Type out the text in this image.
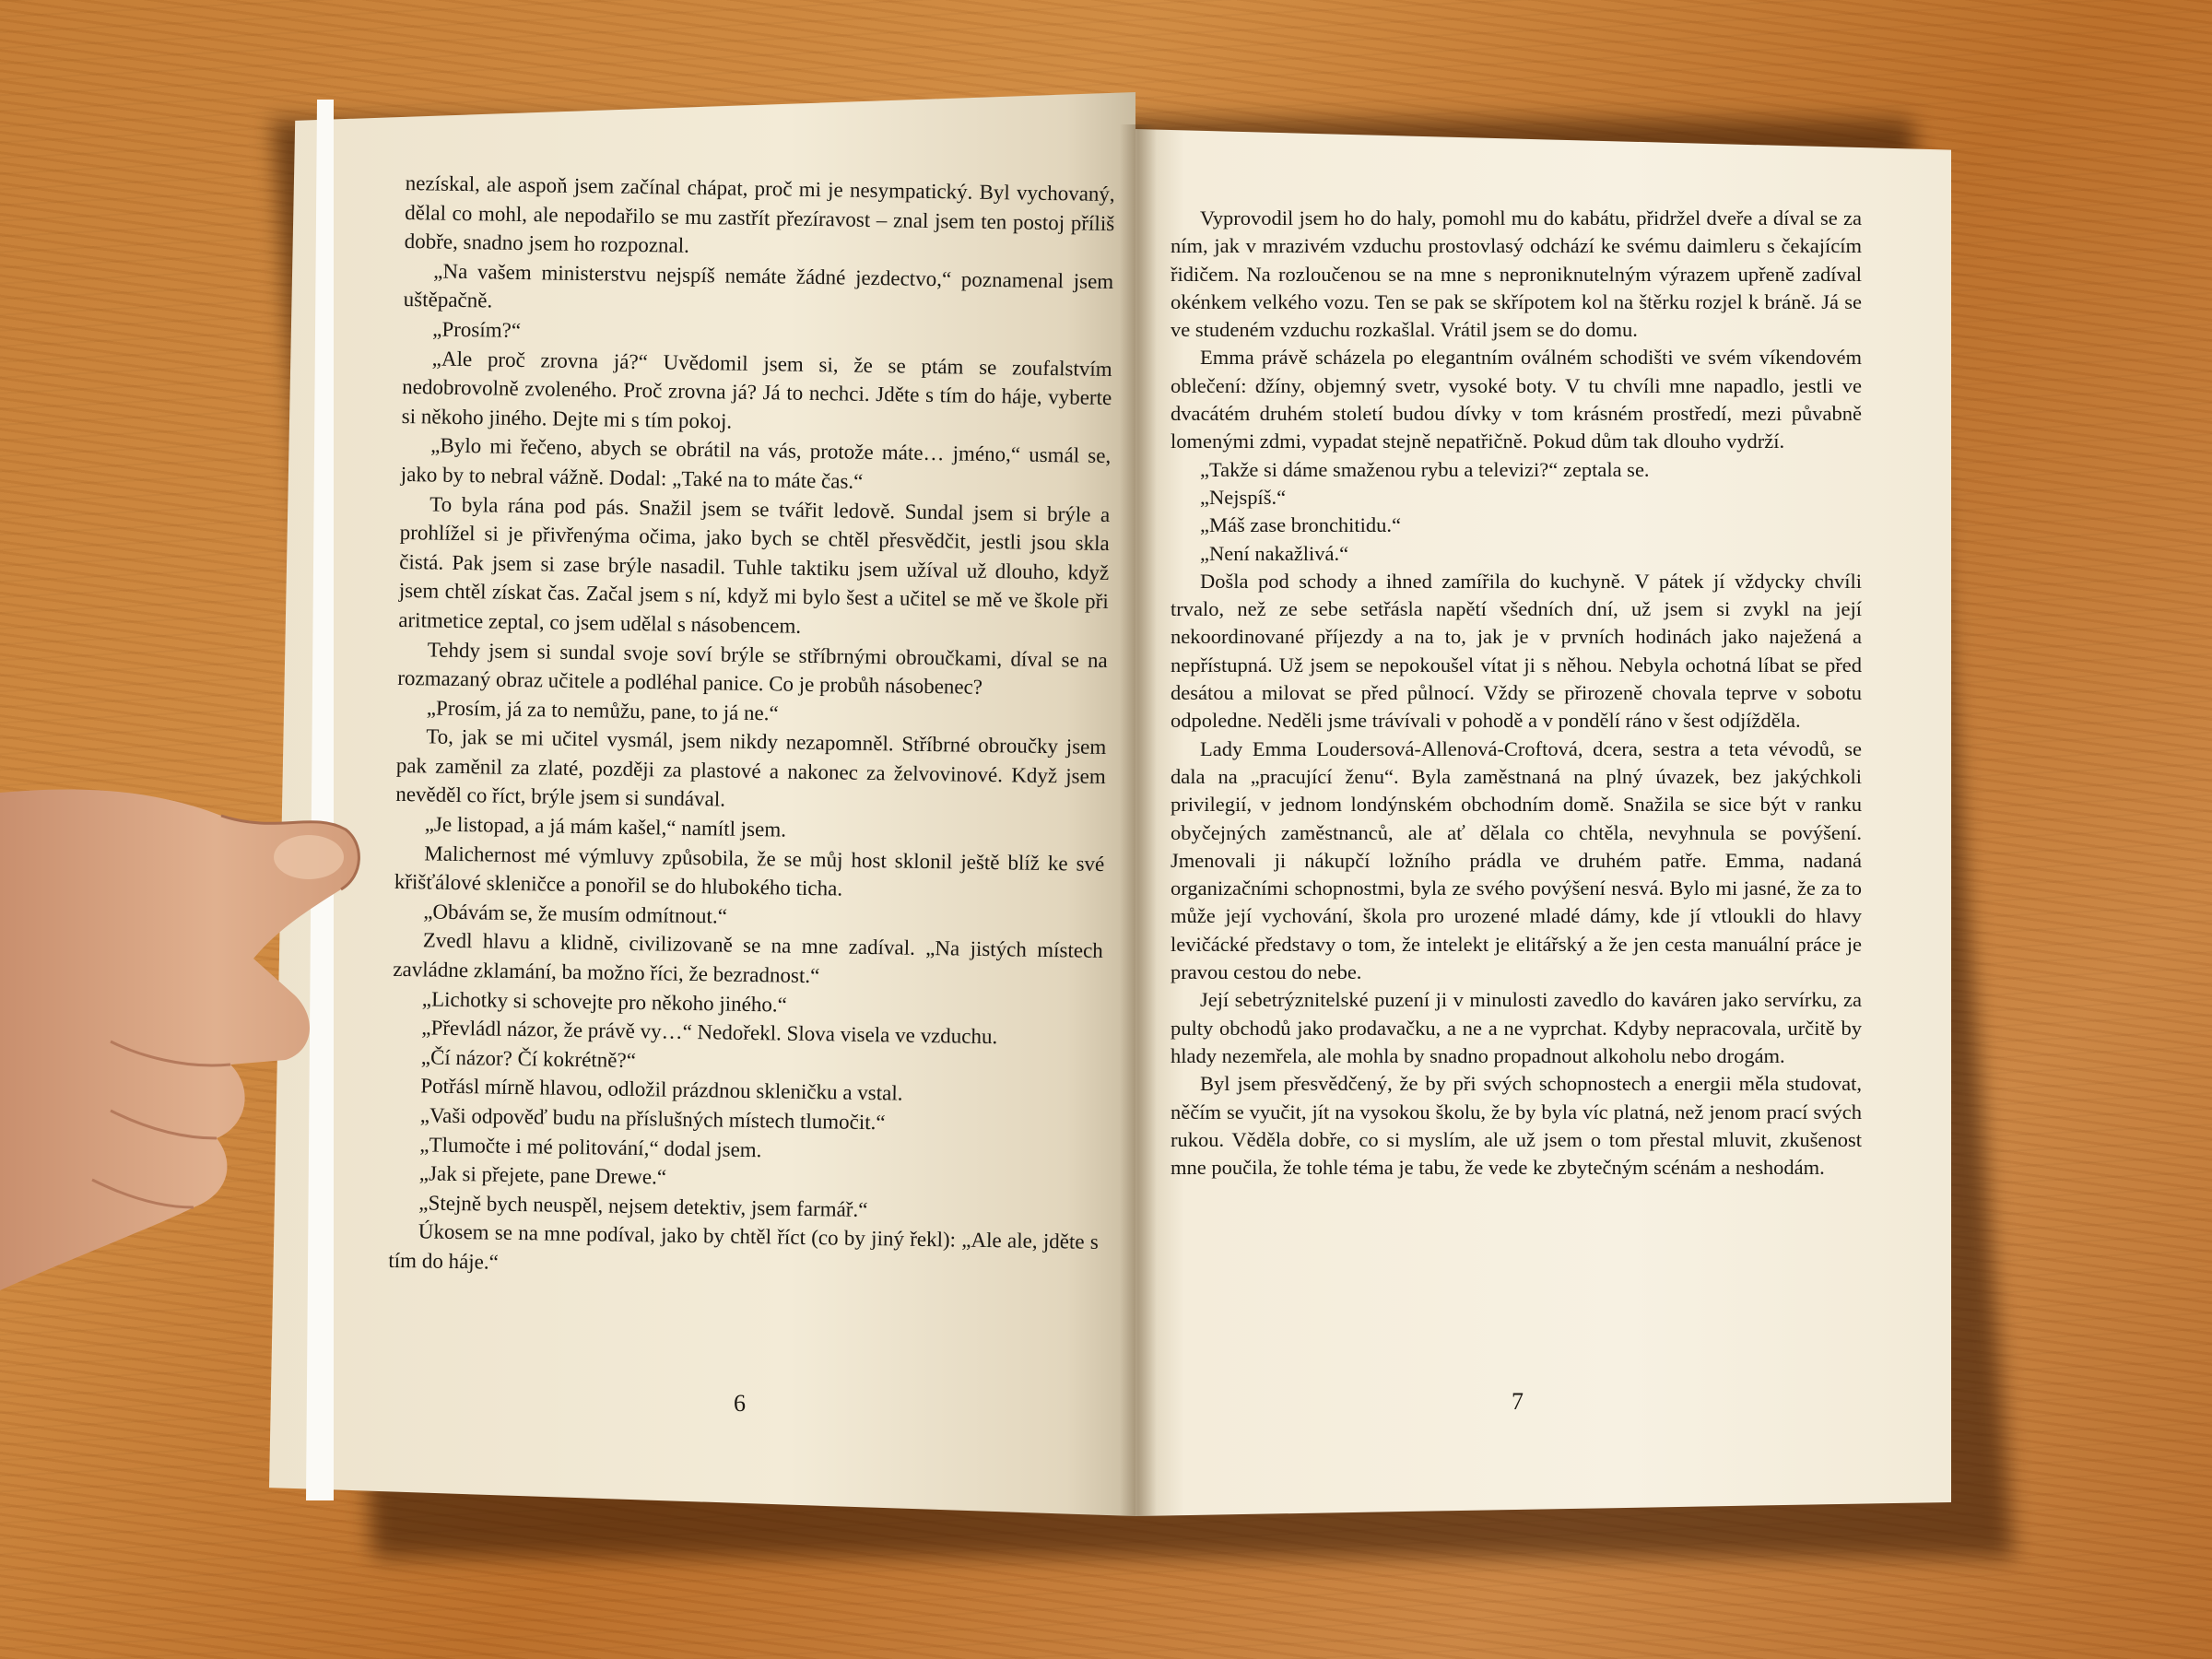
nezískal, ale aspoň jsem začínal chápat, proč mi je nesympatický. Byl vychovaný, dělal co mohl, ale nepodařilo se mu zastřít přezíravost – znal jsem ten postoj příliš dobře, snadno jsem ho rozpoznal.

„Na vašem ministerstvu nejspíš nemáte žádné jezdectvo,“ poznamenal jsem uštěpačně.

„Prosím?“

„Ale proč zrovna já?“ Uvědomil jsem si, že se ptám se zoufalstvím nedobrovolně zvoleného. Proč zrovna já? Já to nechci. Jděte s tím do háje, vyberte si někoho jiného. Dejte mi s tím pokoj.

„Bylo mi řečeno, abych se obrátil na vás, protože máte… jméno,“ usmál se, jako by to nebral vážně. Dodal: „Také na to máte čas.“

To byla rána pod pás. Snažil jsem se tvářit ledově. Sundal jsem si brýle a prohlížel si je přivřenýma očima, jako bych se chtěl přesvědčit, jestli jsou skla čistá. Pak jsem si zase brýle nasadil. Tuhle taktiku jsem užíval už dlouho, když jsem chtěl získat čas. Začal jsem s ní, když mi bylo šest a učitel se mě ve škole při aritmetice zeptal, co jsem udělal s násobencem.

Tehdy jsem si sundal svoje soví brýle se stříbrnými obroučkami, díval se na rozmazaný obraz učitele a podléhal panice. Co je probůh násobenec?

„Prosím, já za to nemůžu, pane, to já ne.“

To, jak se mi učitel vysmál, jsem nikdy nezapomněl. Stříbrné obroučky jsem pak zaměnil za zlaté, později za plastové a nakonec za želvovinové. Když jsem nevěděl co říct, brýle jsem si sundával.

„Je listopad, a já mám kašel,“ namítl jsem.

Malichernost mé výmluvy způsobila, že se můj host sklonil ještě blíž ke své křišťálové skleničce a ponořil se do hlubokého ticha.

„Obávám se, že musím odmítnout.“

Zvedl hlavu a klidně, civilizovaně se na mne zadíval. „Na jistých místech zavládne zklamání, ba možno říci, že bezradnost.“

„Lichotky si schovejte pro někoho jiného.“

„Převládl názor, že právě vy…“ Nedořekl. Slova visela ve vzduchu.

„Čí názor? Čí kokrétně?“

Potřásl mírně hlavou, odložil prázdnou skleničku a vstal.

„Vaši odpověď budu na příslušných místech tlumočit.“

„Tlumočte i mé politování,“ dodal jsem.

„Jak si přejete, pane Drewe.“

„Stejně bych neuspěl, nejsem detektiv, jsem farmář.“

Úkosem se na mne podíval, jako by chtěl říct (co by jiný řekl): „Ale ale, jděte s tím do háje.“

6

Vyprovodil jsem ho do haly, pomohl mu do kabátu, přidržel dveře a díval se za ním, jak v mrazivém vzduchu prostovlasý odchází ke svému daimleru s čekajícím řidičem. Na rozloučenou se na mne s neproniknutelným výrazem upřeně zadíval okénkem velkého vozu. Ten se pak se skřípotem kol na štěrku rozjel k bráně. Já se ve studeném vzduchu rozkašlal. Vrátil jsem se do domu.

Emma právě scházela po elegantním oválném schodišti ve svém víkendovém oblečení: džíny, objemný svetr, vysoké boty. V tu chvíli mne napadlo, jestli ve dvacátém druhém století budou dívky v tom krásném prostředí, mezi půvabně lomenými zdmi, vypadat stejně nepatřičně. Pokud dům tak dlouho vydrží.

„Takže si dáme smaženou rybu a televizi?“ zeptala se.

„Nejspíš.“

„Máš zase bronchitidu.“

„Není nakažlivá.“

Došla pod schody a ihned zamířila do kuchyně. V pátek jí vždycky chvíli trvalo, než ze sebe setřásla napětí všedních dní, už jsem si zvykl na její nekoordinované příjezdy a na to, jak je v prvních hodinách jako naježená a nepřístupná. Už jsem se nepokoušel vítat ji s něhou. Nebyla ochotná líbat se před desátou a milovat se před půlnocí. Vždy se přirozeně chovala teprve v sobotu odpoledne. Neděli jsme trávívali v pohodě a v pondělí ráno v šest odjížděla.

Lady Emma Loudersová-Allenová-Croftová, dcera, sestra a teta vévodů, se dala na „pracující ženu“. Byla zaměstnaná na plný úvazek, bez jakýchkoli privilegií, v jednom londýnském obchodním domě. Snažila se sice být v ranku obyčejných zaměstnanců, ale ať dělala co chtěla, nevyhnula se povýšení. Jmenovali ji nákupčí ložního prádla ve druhém patře. Emma, nadaná organizačními schopnostmi, byla ze svého povýšení nesvá. Bylo mi jasné, že za to může její vychování, škola pro urozené mladé dámy, kde jí vtloukli do hlavy levičácké představy o tom, že intelekt je elitářský a že jen cesta manuální práce je pravou cestou do nebe.

Její sebetrýznitelské puzení ji v minulosti zavedlo do kaváren jako servírku, za pulty obchodů jako prodavačku, a ne a ne vyprchat. Kdyby nepracovala, určitě by hlady nezemřela, ale mohla by snadno propadnout alkoholu nebo drogám.

Byl jsem přesvědčený, že by při svých schopnostech a energii měla studovat, něčím se vyučit, jít na vysokou školu, že by byla víc platná, než jenom prací svých rukou. Věděla dobře, co si myslím, ale už jsem o tom přestal mluvit, zkušenost mne poučila, že tohle téma je tabu, že vede ke zbytečným scénám a neshodám.

7
